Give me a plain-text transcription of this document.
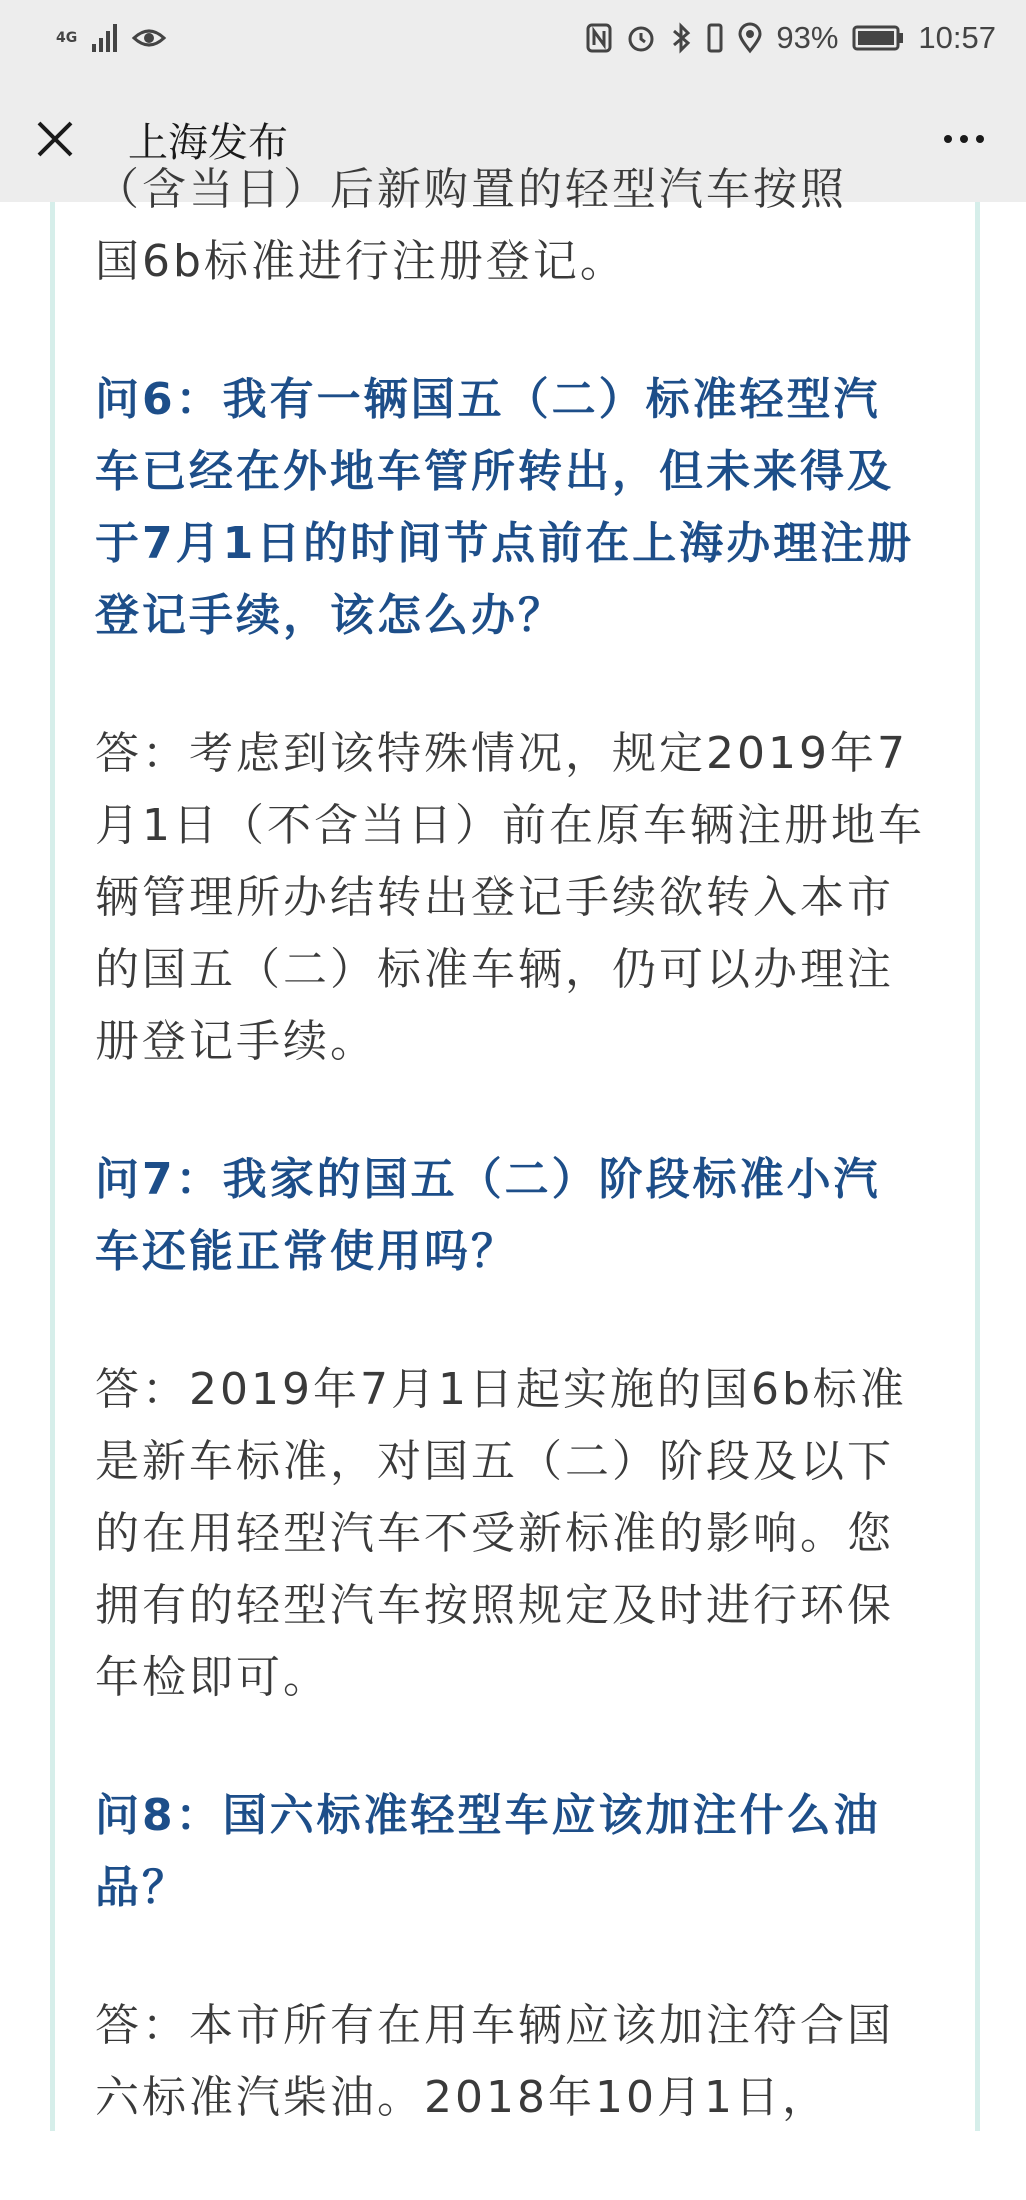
4G	93%	10:57
上海发布

（含当日）后新购置的轻型汽车按照

国6b标准进行注册登记。

问6：我有一辆国五（二）标准轻型汽车已经在外地车管所转出，但未来得及于7月1日的时间节点前在上海办理注册登记手续，该怎么办？

答：考虑到该特殊情况，规定2019年7月1日（不含当日）前在原车辆注册地车辆管理所办结转出登记手续欲转入本市的国五（二）标准车辆，仍可以办理注册登记手续。

问7：我家的国五（二）阶段标准小汽车还能正常使用吗？

答：2019年7月1日起实施的国6b标准是新车标准，对国五（二）阶段及以下的在用轻型汽车不受新标准的影响。您拥有的轻型汽车按照规定及时进行环保年检即可。

问8：国六标准轻型车应该加注什么油品？

答：本市所有在用车辆应该加注符合国六标准汽柴油。2018年10月1日，
